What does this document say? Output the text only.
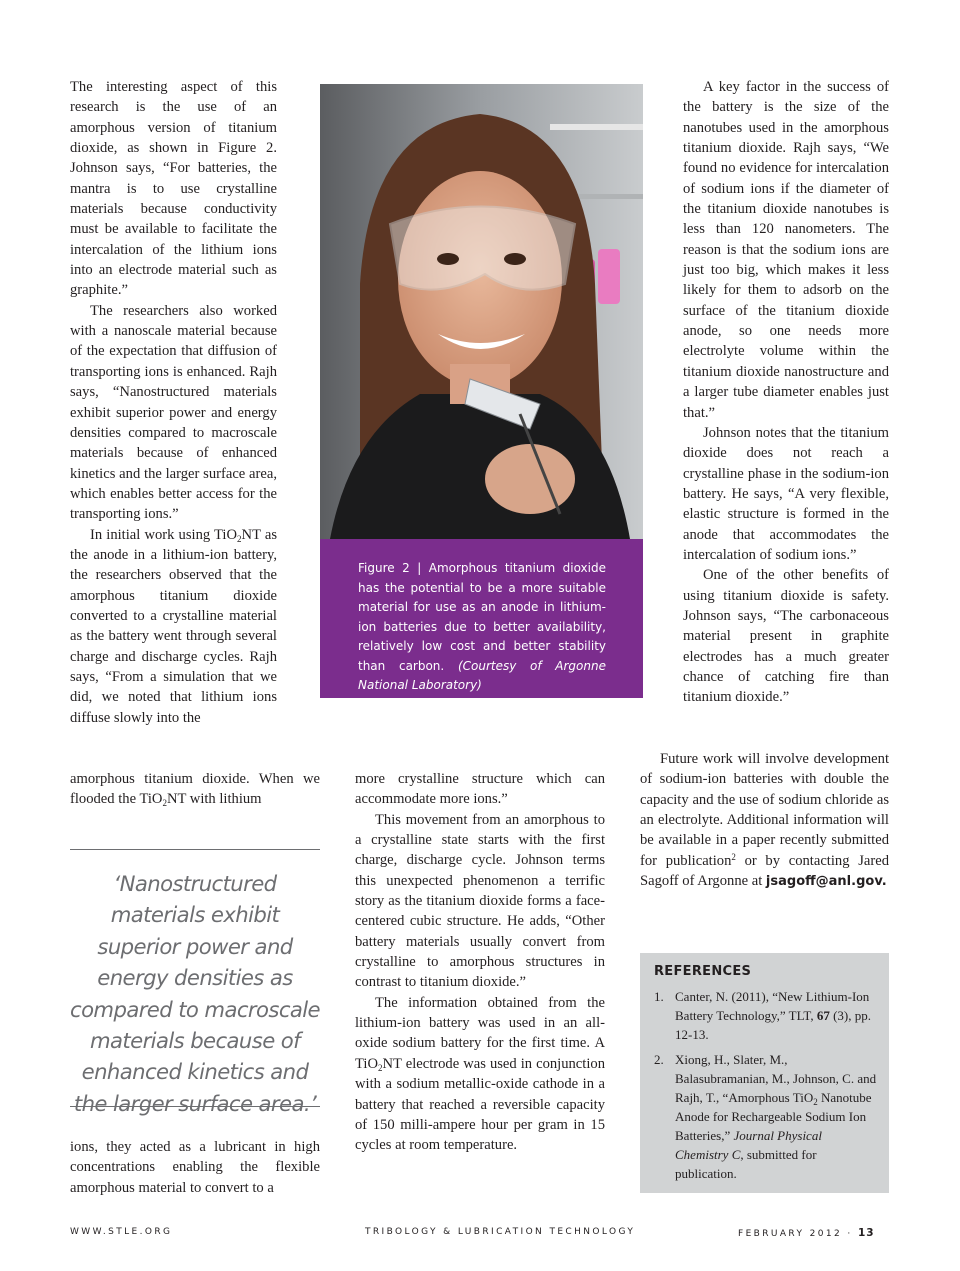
The interesting aspect of this research is the use of an amorphous version of titanium dioxide, as shown in Figure 2. Johnson says, “For batteries, the mantra is to use crystalline materials because conductivity must be available to facilitate the intercalation of the lithium ions into an electrode material such as graphite.”

The researchers also worked with a nanoscale material because of the expectation that diffusion of transporting ions is enhanced. Rajh says, “Nanostructured materials exhibit superior power and energy densities compared to macroscale materials because of enhanced kinetics and the larger surface area, which enables better access for the transporting ions.”

In initial work using TiO$_2$NT as the anode in a lithium-ion battery, the researchers observed that the amorphous titanium dioxide converted to a crystalline material as the battery went through several charge and discharge cycles. Rajh says, “From a simulation that we did, we noted that lithium ions diffuse slowly into the

amorphous titanium dioxide. When we flooded the TiO$_2$NT with lithium

‘Nanostructured materials exhibit superior power and energy densities as compared to macroscale materials because of enhanced kinetics and the larger surface area.’

ions, they acted as a lubricant in high concentrations enabling the flexible amorphous material to convert to a

Figure 2 | Amorphous titanium dioxide has the potential to be a more suitable material for use as an anode in lithium-ion batteries due to better availability, relatively low cost and better stability than carbon. (Courtesy of Argonne National Laboratory)

more crystalline structure which can accommodate more ions.”

This movement from an amorphous to a crystalline state starts with the first charge, discharge cycle. Johnson terms this unexpected phenomenon a terrific story as the titanium dioxide forms a face-centered cubic structure. He adds, “Other battery materials usually convert from crystalline to amorphous structures in contrast to titanium dioxide.”

The information obtained from the lithium-ion battery was used in an all-oxide sodium battery for the first time. A TiO$_2$NT electrode was used in conjunction with a sodium metallic-oxide cathode in a battery that reached a reversible capacity of 150 milli-ampere hour per gram in 15 cycles at room temperature.

A key factor in the success of the battery is the size of the nanotubes used in the amorphous titanium dioxide. Rajh says, “We found no evidence for intercalation of sodium ions if the diameter of the titanium dioxide nanotubes is less than 120 nanometers. The reason is that the sodium ions are just too big, which makes it less likely for them to adsorb on the surface of the titanium dioxide anode, so one needs more electrolyte volume within the titanium dioxide nanostructure and a larger tube diameter enables just that.”

Johnson notes that the titanium dioxide does not reach a crystalline phase in the sodium-ion battery. He says, “A very flexible, elastic structure is formed in the anode that accommodates the intercalation of sodium ions.”

One of the other benefits of using titanium dioxide is safety. Johnson says, “The carbonaceous material present in graphite electrodes has a much greater chance of catching fire than titanium dioxide.”

Future work will involve development of sodium-ion batteries with double the capacity and the use of sodium chloride as an electrolyte. Additional information will be available in a paper recently submitted for publication$^2$ or by contacting Jared Sagoff of Argonne at jsagoff@anl.gov.

REFERENCES
1. Canter, N. (2011), “New Lithium-Ion Battery Technology,” TLT, 67 (3), pp. 12-13.
2. Xiong, H., Slater, M., Balasubramanian, M., Johnson, C. and Rajh, T., “Amorphous TiO$_2$ Nanotube Anode for Rechargeable Sodium Ion Batteries,” Journal Physical Chemistry C, submitted for publication.
WWW.STLE.ORG	TRIBOLOGY & LUBRICATION TECHNOLOGY	FEBRUARY 2012 · 13
